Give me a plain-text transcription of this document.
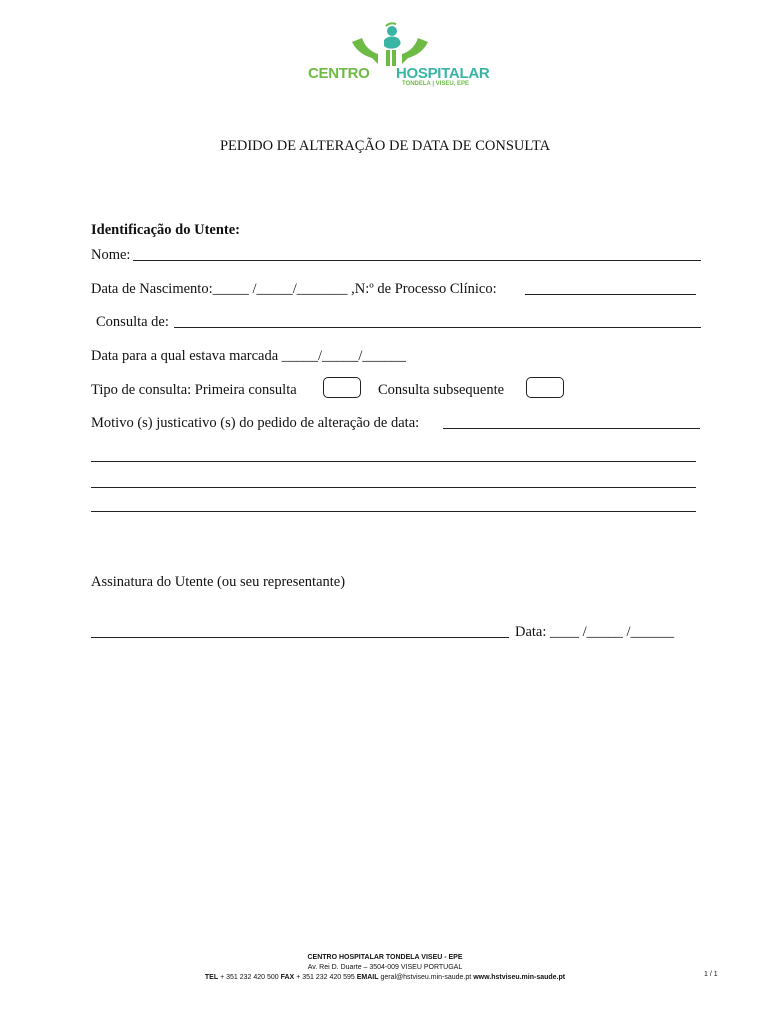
CENTRO HOSPITALAR
TONDELA | VISEU, EPE
PEDIDO DE ALTERAÇÃO DE DATA DE CONSULTA
Identificação do Utente:
Nome:
Data de Nascimento:_____ /_____/_______ ,N:º de Processo Clínico:
Consulta de:
Data para a qual estava marcada _____/_____/______
Tipo de consulta: Primeira consulta	Consulta subsequente
Motivo (s) justicativo (s) do pedido de alteração de data:
Assinatura do Utente (ou seu representante)
Data: ____ /_____ /______
CENTRO HOSPITALAR TONDELA VISEU - EPE
Av. Rei D. Duarte – 3504-009 VISEU PORTUGAL
TEL + 351 232 420 500 FAX + 351 232 420 595 EMAIL geral@hstviseu.min-saude.pt www.hstviseu.min-saude.pt	1 / 1
